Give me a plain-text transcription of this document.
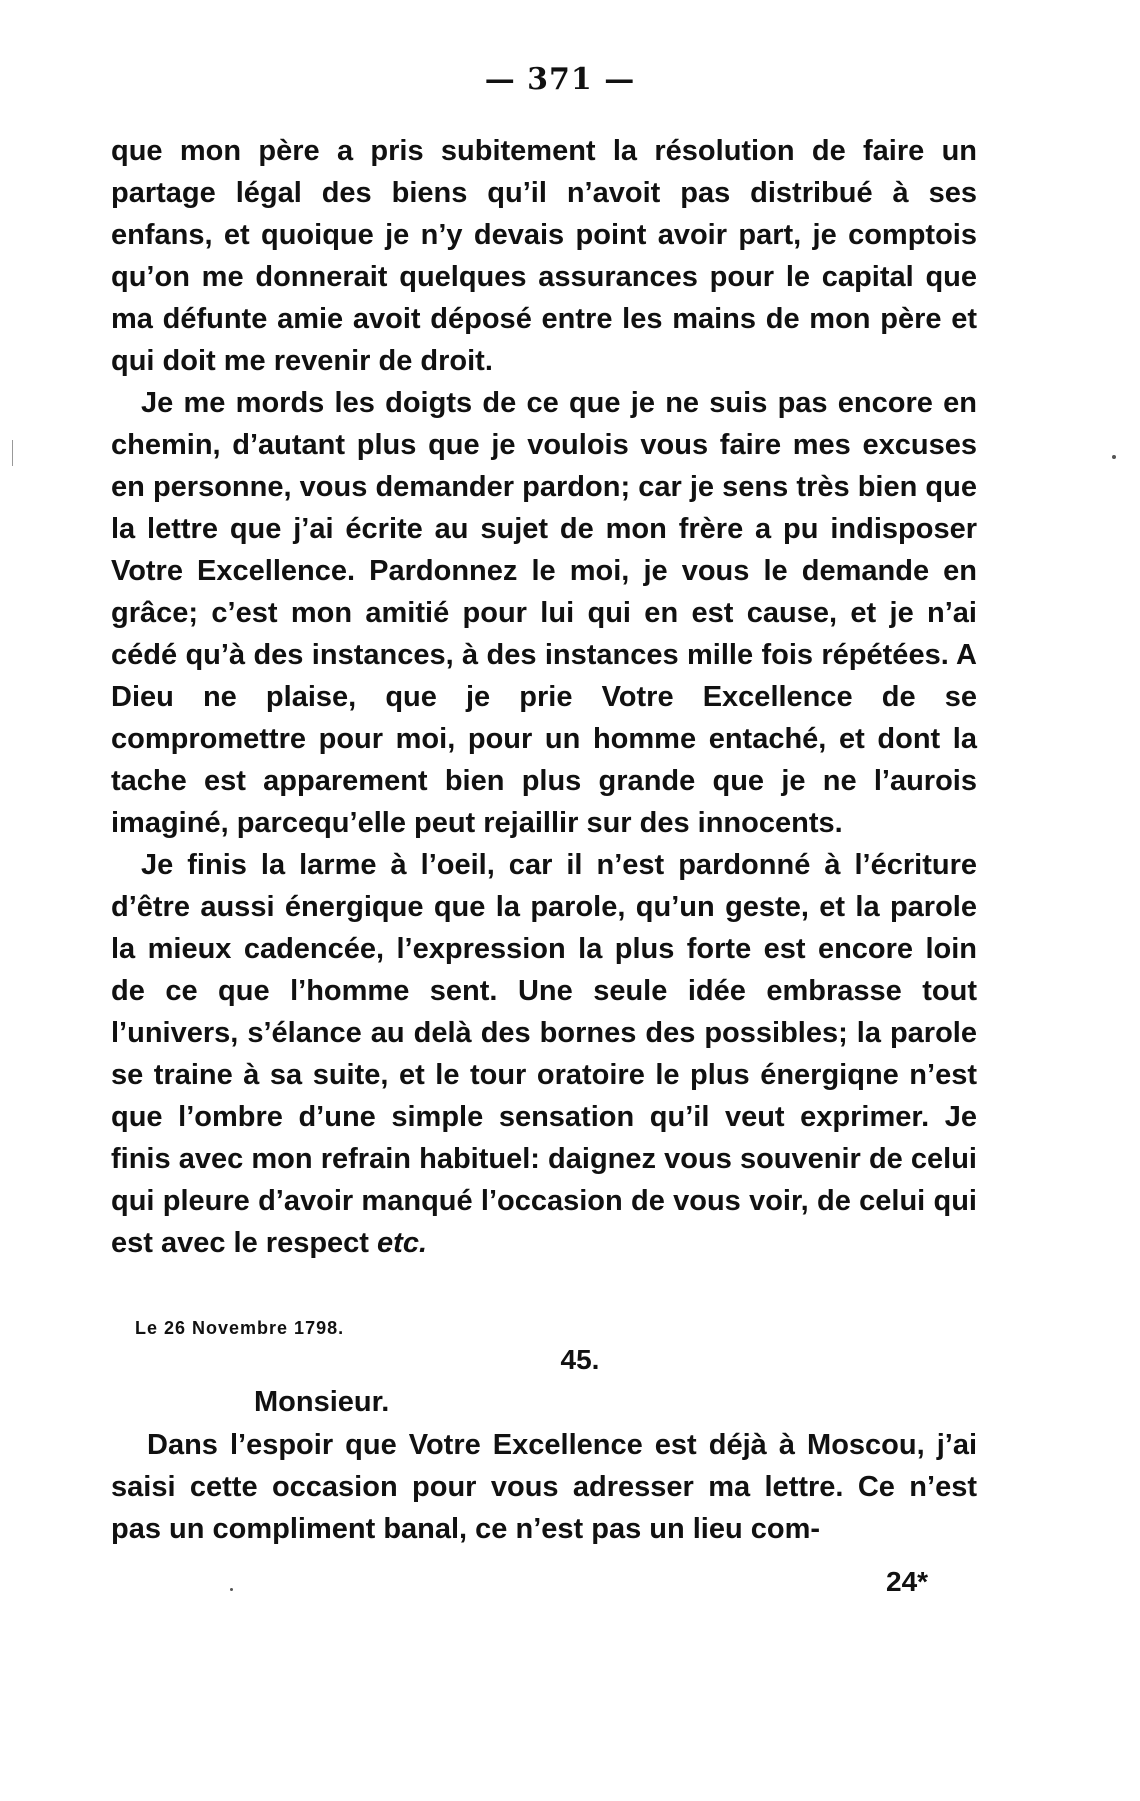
— 371 —

que mon père a pris subitement la résolution de faire un partage légal des biens qu’il n’avoit pas distribué à ses enfans, et quoique je n’y devais point avoir part, je comptois qu’on me donnerait quelques assurances pour le capital que ma défunte amie avoit déposé entre les mains de mon père et qui doit me revenir de droit.

Je me mords les doigts de ce que je ne suis pas encore en chemin, d’autant plus que je voulois vous faire mes excuses en personne, vous demander pardon; car je sens très bien que la lettre que j’ai écrite au sujet de mon frère a pu indisposer Votre Excellence. Pardonnez le moi, je vous le demande en grâce; c’est mon amitié pour lui qui en est cause, et je n’ai cédé qu’à des instances, à des instances mille fois répétées. A Dieu ne plaise, que je prie Votre Excellence de se compromettre pour moi, pour un homme entaché, et dont la tache est apparement bien plus grande que je ne l’aurois imaginé, parcequ’elle peut rejaillir sur des innocents.

Je finis la larme à l’oeil, car il n’est pardonné à l’écriture d’être aussi énergique que la parole, qu’un geste, et la parole la mieux cadencée, l’expression la plus forte est encore loin de ce que l’homme sent. Une seule idée embrasse tout l’univers, s’élance au delà des bornes des possibles; la parole se traine à sa suite, et le tour oratoire le plus énergiqne n’est que l’ombre d’une simple sensation qu’il veut exprimer. Je finis avec mon refrain habituel: daignez vous souvenir de celui qui pleure d’avoir manqué l’occasion de vous voir, de celui qui est avec le respect etc.

Le 26 Novembre 1798.
45.
Monsieur.

Dans l’espoir que Votre Excellence est déjà à Moscou, j’ai saisi cette occasion pour vous adresser ma lettre. Ce n’est pas un compliment banal, ce n’est pas un lieu com-

24*
